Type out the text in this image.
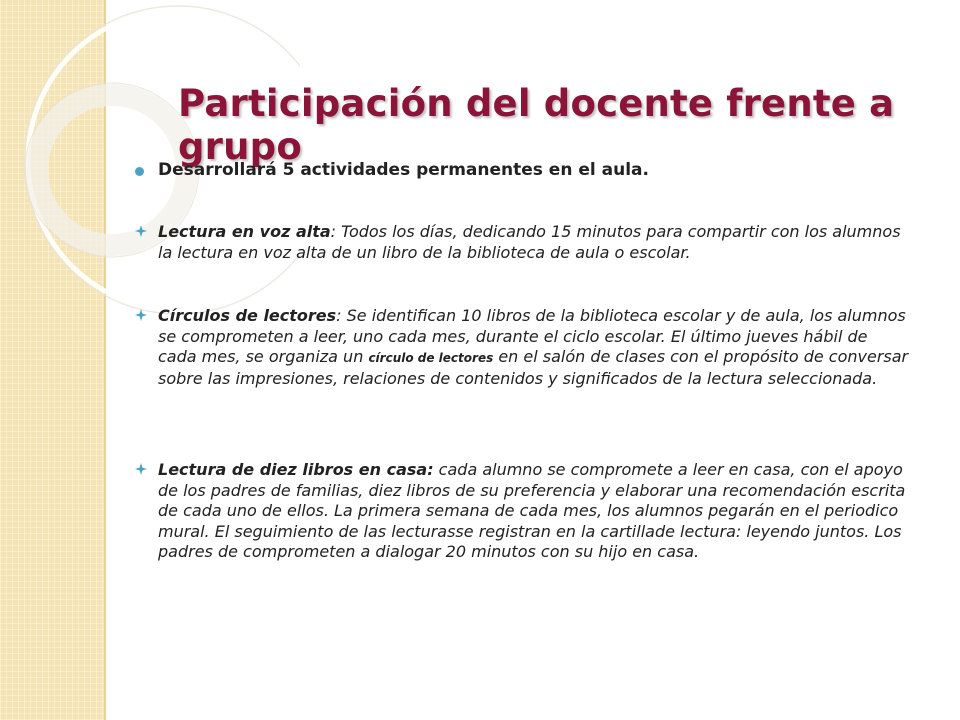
Participación del docente frente a grupo
Desarrollará 5 actividades permanentes en el aula.
Lectura en voz alta: Todos los días, dedicando 15 minutos para compartir con los alumnos la lectura en voz alta de un libro de la biblioteca de aula o escolar.
Círculos de lectores: Se identifican 10 libros de la biblioteca escolar y de aula, los alumnos se comprometen a leer, uno cada mes, durante el ciclo escolar. El último jueves hábil de cada mes, se organiza un círculo de lectores en el salón de clases con el propósito de conversar sobre las impresiones, relaciones de contenidos y significados de la lectura seleccionada.
Lectura de diez libros en casa: cada alumno se compromete a leer en casa, con el apoyo de los padres de familias, diez libros de su preferencia y elaborar una recomendación escrita de cada uno de ellos. La primera semana de cada mes, los alumnos pegarán en el periodico mural. El seguimiento de las lecturasse registran en la cartillade lectura: leyendo juntos. Los padres de comprometen a dialogar 20 minutos con su hijo en casa.
